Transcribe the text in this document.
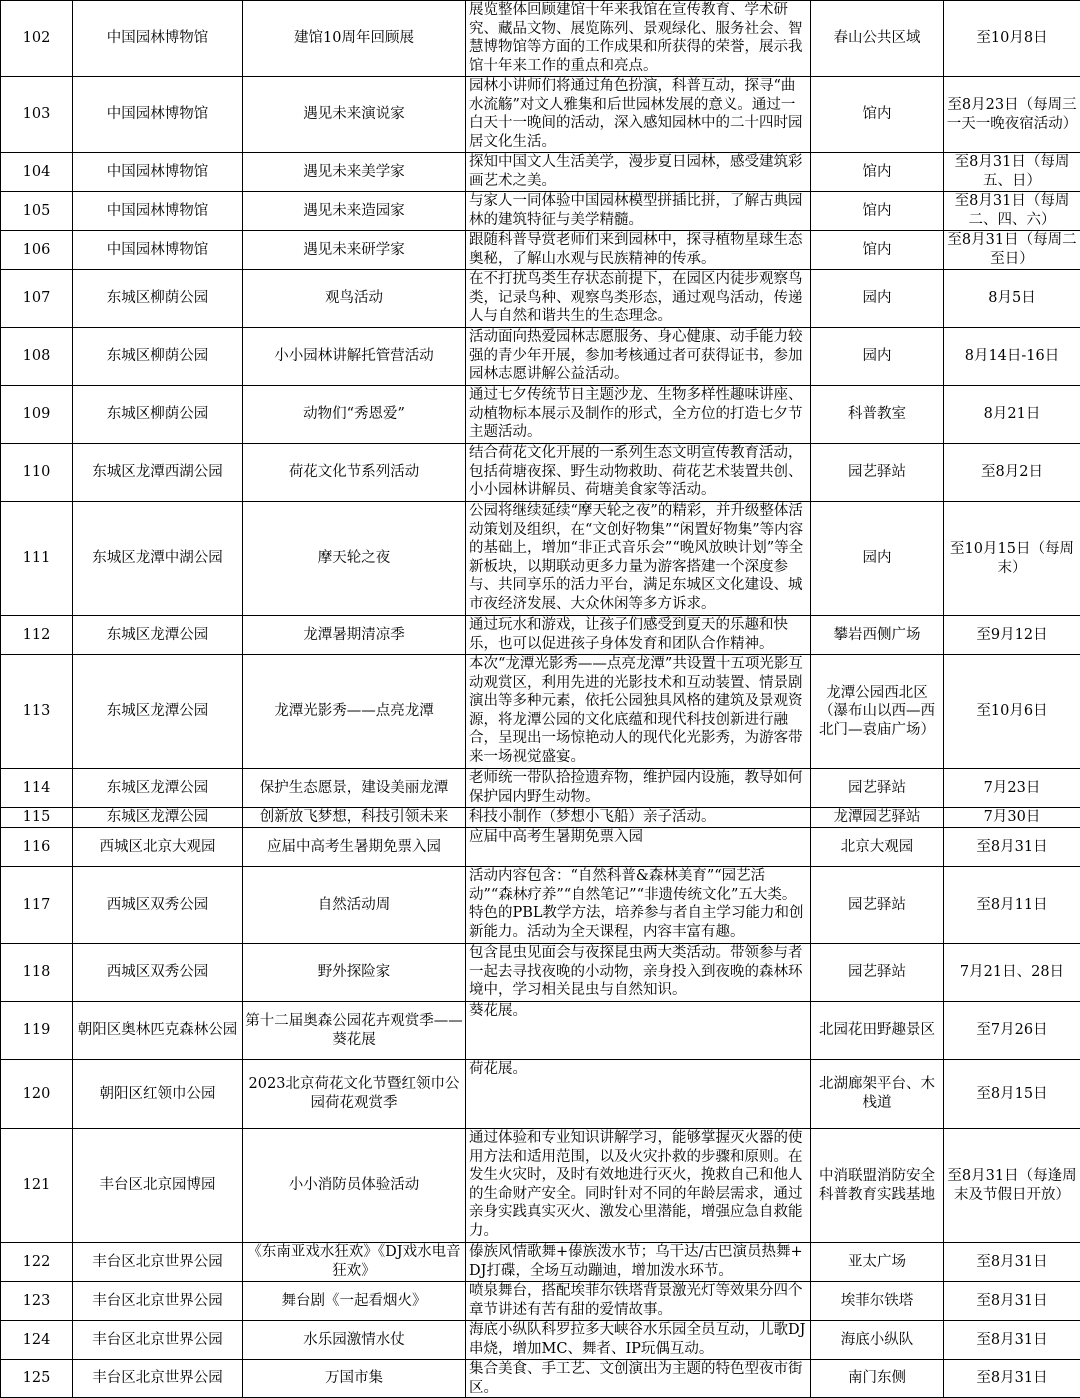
102	中国园林博物馆	建馆10周年回顾展	展览整体回顾建馆十年来我馆在宣传教育、学术研究、藏品文物、展览陈列、景观绿化、服务社会、智慧博物馆等方面的工作成果和所获得的荣誉，展示我馆十年来工作的重点和亮点。	春山公共区域	至10月8日
103	中国园林博物馆	遇见未来演说家	园林小讲师们将通过角色扮演，科普互动，探寻“曲水流觞”对文人雅集和后世园林发展的意义。通过一白天十一晚间的活动，深入感知园林中的二十四时园居文化生活。	馆内	至8月23日（每周三一天一晚夜宿活动）
104	中国园林博物馆	遇见未来美学家	探知中国文人生活美学，漫步夏日园林，感受建筑彩画艺术之美。	馆内	至8月31日（每周五、日）
105	中国园林博物馆	遇见未来造园家	与家人一同体验中国园林模型拼插比拼，了解古典园林的建筑特征与美学精髓。	馆内	至8月31日（每周二、四、六）
106	中国园林博物馆	遇见未来研学家	跟随科普导赏老师们来到园林中，探寻植物星球生态奥秘，了解山水观与民族精神的传承。	馆内	至8月31日（每周二至日）
107	东城区柳荫公园	观鸟活动	在不打扰鸟类生存状态前提下，在园区内徒步观察鸟类，记录鸟种、观察鸟类形态，通过观鸟活动，传递人与自然和谐共生的生态理念。	园内	8月5日
108	东城区柳荫公园	小小园林讲解托管营活动	活动面向热爱园林志愿服务、身心健康、动手能力较强的青少年开展，参加考核通过者可获得证书，参加园林志愿讲解公益活动。	园内	8月14日-16日
109	东城区柳荫公园	动物们“秀恩爱”	通过七夕传统节日主题沙龙、生物多样性趣味讲座、动植物标本展示及制作的形式，全方位的打造七夕节主题活动。	科普教室	8月21日
110	东城区龙潭西湖公园	荷花文化节系列活动	结合荷花文化开展的一系列生态文明宣传教育活动，包括荷塘夜探、野生动物救助、荷花艺术装置共创、小小园林讲解员、荷塘美食家等活动。	园艺驿站	至8月2日
111	东城区龙潭中湖公园	摩天轮之夜	公园将继续延续“摩天轮之夜”的精彩，并升级整体活动策划及组织，在“文创好物集”“闲置好物集”等内容的基础上，增加“非正式音乐会”“晚风放映计划”等全新板块，以期联动更多力量为游客搭建一个深度参与、共同享乐的活力平台，满足东城区文化建设、城市夜经济发展、大众休闲等多方诉求。	园内	至10月15日（每周末）
112	东城区龙潭公园	龙潭暑期清凉季	通过玩水和游戏，让孩子们感受到夏天的乐趣和快乐，也可以促进孩子身体发育和团队合作精神。	攀岩西侧广场	至9月12日
113	东城区龙潭公园	龙潭光影秀——点亮龙潭	本次“龙潭光影秀——点亮龙潭”共设置十五项光影互动观赏区，利用先进的光影技术和互动装置、情景剧演出等多种元素，依托公园独具风格的建筑及景观资源，将龙潭公园的文化底蕴和现代科技创新进行融合，呈现出一场惊艳动人的现代化光影秀，为游客带来一场视觉盛宴。	龙潭公园西北区（瀑布山以西—西北门—袁庙广场）	至10月6日
114	东城区龙潭公园	保护生态愿景，建设美丽龙潭	老师统一带队拾捡遗弃物，维护园内设施，教导如何保护园内野生动物。	园艺驿站	7月23日
115	东城区龙潭公园	创新放飞梦想，科技引领未来	科技小制作（梦想小飞船）亲子活动。	龙潭园艺驿站	7月30日
116	西城区北京大观园	应届中高考生暑期免票入园	应届中高考生暑期免票入园	北京大观园	至8月31日
117	西城区双秀公园	自然活动周	活动内容包含：“自然科普&森林美育”“园艺活动”“森林疗养”“自然笔记”“非遗传统文化”五大类。特色的PBL教学方法，培养参与者自主学习能力和创新能力。活动为全天课程，内容丰富有趣。	园艺驿站	至8月11日
118	西城区双秀公园	野外探险家	包含昆虫见面会与夜探昆虫两大类活动。带领参与者一起去寻找夜晚的小动物，亲身投入到夜晚的森林环境中，学习相关昆虫与自然知识。	园艺驿站	7月21日、28日
119	朝阳区奥林匹克森林公园	第十二届奥森公园花卉观赏季——葵花展	葵花展。	北园花田野趣景区	至7月26日
120	朝阳区红领巾公园	2023北京荷花文化节暨红领巾公园荷花观赏季	荷花展。	北湖廊架平台、木栈道	至8月15日
121	丰台区北京园博园	小小消防员体验活动	通过体验和专业知识讲解学习，能够掌握灭火器的使用方法和适用范围，以及火灾扑救的步骤和原则。在发生火灾时，及时有效地进行灭火，挽救自己和他人的生命财产安全。同时针对不同的年龄层需求，通过亲身实践真实灭火、激发心里潜能，增强应急自救能力。	中消联盟消防安全科普教育实践基地	至8月31日（每逢周末及节假日开放）
122	丰台区北京世界公园	《东南亚戏水狂欢》《DJ戏水电音狂欢》	傣族风情歌舞+傣族泼水节；乌干达/古巴演员热舞+DJ打碟，全场互动蹦迪，增加泼水环节。	亚太广场	至8月31日
123	丰台区北京世界公园	舞台剧《一起看烟火》	喷泉舞台，搭配埃菲尔铁塔背景激光灯等效果分四个章节讲述有苦有甜的爱情故事。	埃菲尔铁塔	至8月31日
124	丰台区北京世界公园	水乐园激情水仗	海底小纵队科罗拉多大峡谷水乐园全员互动，儿歌DJ串烧，增加MC、舞者、IP玩偶互动。	海底小纵队	至8月31日
125	丰台区北京世界公园	万国市集	集合美食、手工艺、文创演出为主题的特色型夜市街区。	南门东侧	至8月31日
